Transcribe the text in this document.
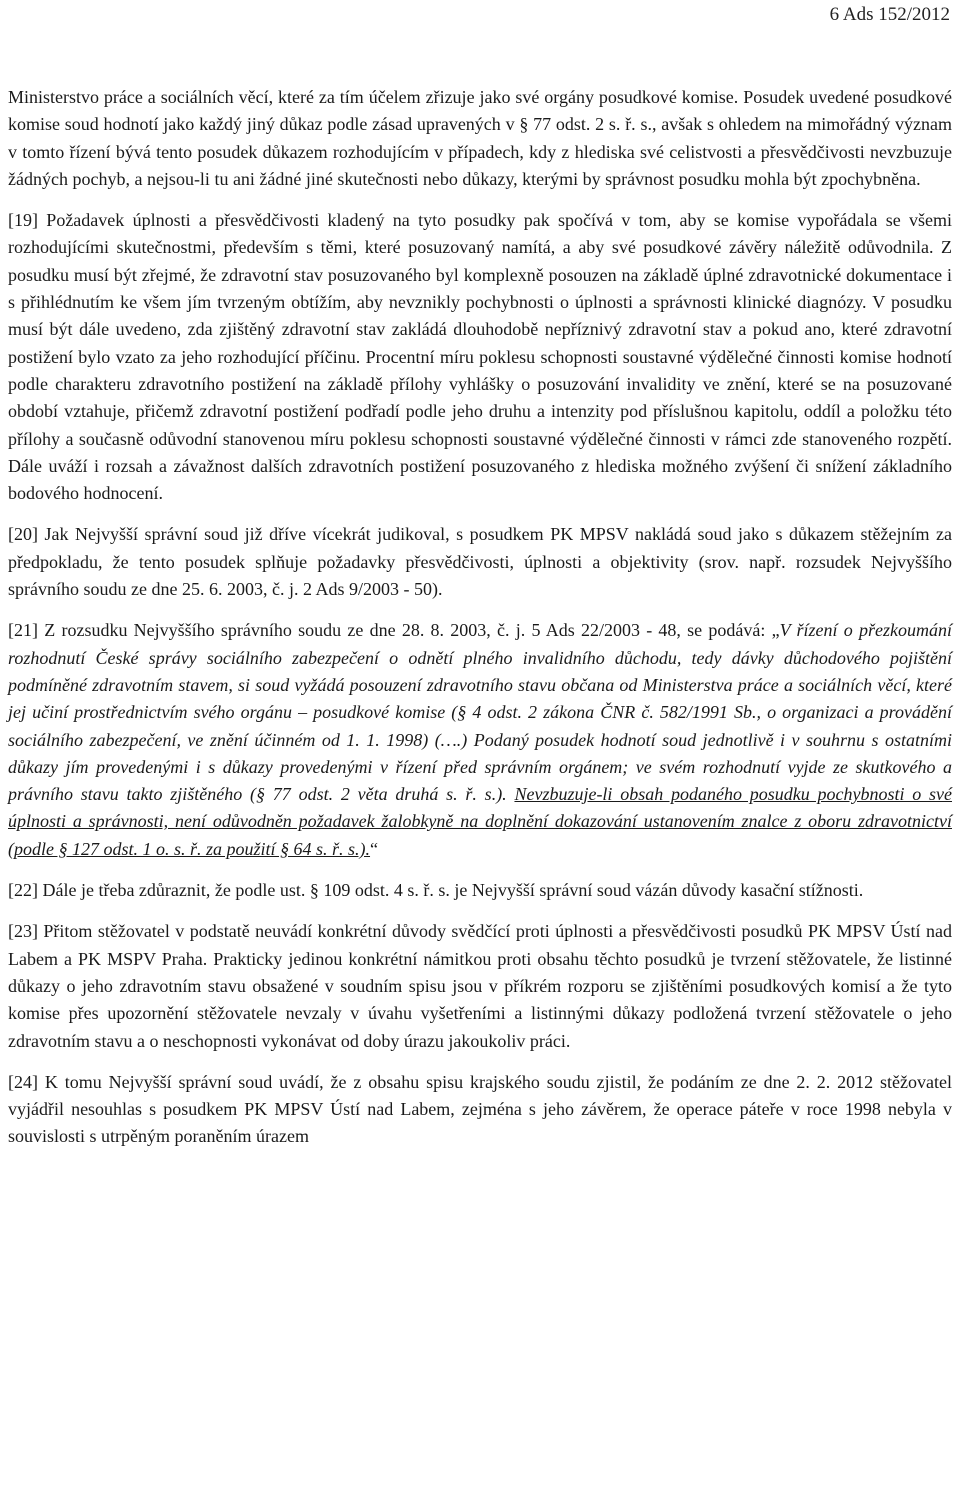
6 Ads 152/2012

Ministerstvo práce a sociálních věcí, které za tím účelem zřizuje jako své orgány posudkové komise. Posudek uvedené posudkové komise soud hodnotí jako každý jiný důkaz podle zásad upravených v § 77 odst. 2 s. ř. s., avšak s ohledem na mimořádný význam v tomto řízení bývá tento posudek důkazem rozhodujícím v případech, kdy z hlediska své celistvosti a přesvědčivosti nevzbuzuje žádných pochyb, a nejsou-li tu ani žádné jiné skutečnosti nebo důkazy, kterými by správnost posudku mohla být zpochybněna.

[19] Požadavek úplnosti a přesvědčivosti kladený na tyto posudky pak spočívá v tom, aby se komise vypořádala se všemi rozhodujícími skutečnostmi, především s těmi, které posuzovaný namítá, a aby své posudkové závěry náležitě odůvodnila. Z posudku musí být zřejmé, že zdravotní stav posuzovaného byl komplexně posouzen na základě úplné zdravotnické dokumentace i s přihlédnutím ke všem jím tvrzeným obtížím, aby nevznikly pochybnosti o úplnosti a správnosti klinické diagnózy. V posudku musí být dále uvedeno, zda zjištěný zdravotní stav zakládá dlouhodobě nepříznivý zdravotní stav a pokud ano, které zdravotní postižení bylo vzato za jeho rozhodující příčinu. Procentní míru poklesu schopnosti soustavné výdělečné činnosti komise hodnotí podle charakteru zdravotního postižení na základě přílohy vyhlášky o posuzování invalidity ve znění, které se na posuzované období vztahuje, přičemž zdravotní postižení podřadí podle jeho druhu a intenzity pod příslušnou kapitolu, oddíl a položku této přílohy a současně odůvodní stanovenou míru poklesu schopnosti soustavné výdělečné činnosti v rámci zde stanoveného rozpětí. Dále uváží i rozsah a závažnost dalších zdravotních postižení posuzovaného z hlediska možného zvýšení či snížení základního bodového hodnocení.

[20] Jak Nejvyšší správní soud již dříve vícekrát judikoval, s posudkem PK MPSV nakládá soud jako s důkazem stěžejním za předpokladu, že tento posudek splňuje požadavky přesvědčivosti, úplnosti a objektivity (srov. např. rozsudek Nejvyššího správního soudu ze dne 25. 6. 2003, č. j. 2 Ads 9/2003 - 50).

[21] Z rozsudku Nejvyššího správního soudu ze dne 28. 8. 2003, č. j. 5 Ads 22/2003 - 48, se podává: „V řízení o přezkoumání rozhodnutí České správy sociálního zabezpečení o odnětí plného invalidního důchodu, tedy dávky důchodového pojištění podmíněné zdravotním stavem, si soud vyžádá posouzení zdravotního stavu občana od Ministerstva práce a sociálních věcí, které jej učiní prostřednictvím svého orgánu – posudkové komise (§ 4 odst. 2 zákona ČNR č. 582/1991 Sb., o organizaci a provádění sociálního zabezpečení, ve znění účinném od 1. 1. 1998) (….) Podaný posudek hodnotí soud jednotlivě i v souhrnu s ostatními důkazy jím provedenými i s důkazy provedenými v řízení před správním orgánem; ve svém rozhodnutí vyjde ze skutkového a právního stavu takto zjištěného (§ 77 odst. 2 věta druhá s. ř. s.). Nevzbuzuje-li obsah podaného posudku pochybnosti o své úplnosti a správnosti, není odůvodněn požadavek žalobkyně na doplnění dokazování ustanovením znalce z oboru zdravotnictví (podle § 127 odst. 1 o. s. ř. za použití § 64 s. ř. s.).“

[22] Dále je třeba zdůraznit, že podle ust. § 109 odst. 4 s. ř. s. je Nejvyšší správní soud vázán důvody kasační stížnosti.

[23] Přitom stěžovatel v podstatě neuvádí konkrétní důvody svědčící proti úplnosti a přesvědčivosti posudků PK MPSV Ústí nad Labem a PK MSPV Praha. Prakticky jedinou konkrétní námitkou proti obsahu těchto posudků je tvrzení stěžovatele, že listinné důkazy o jeho zdravotním stavu obsažené v soudním spisu jsou v příkrém rozporu se zjištěními posudkových komisí a že tyto komise přes upozornění stěžovatele nevzaly v úvahu vyšetřeními a listinnými důkazy podložená tvrzení stěžovatele o jeho zdravotním stavu a o neschopnosti vykonávat od doby úrazu jakoukoliv práci.

[24] K tomu Nejvyšší správní soud uvádí, že z obsahu spisu krajského soudu zjistil, že podáním ze dne 2. 2. 2012 stěžovatel vyjádřil nesouhlas s posudkem PK MPSV Ústí nad Labem, zejména s jeho závěrem, že operace páteře v roce 1998 nebyla v souvislosti s utrpěným poraněním úrazem
